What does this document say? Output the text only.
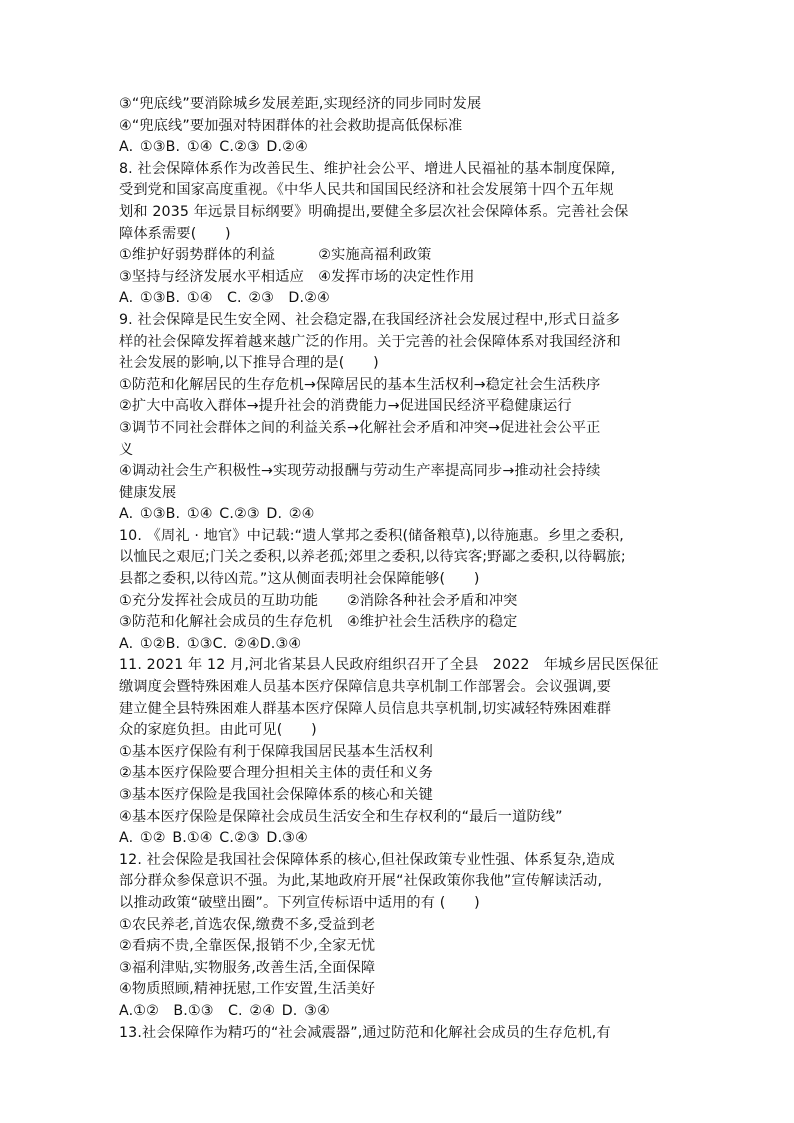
③“兜底线”要消除城乡发展差距,实现经济的同步同时发展
④“兜底线”要加强对特困群体的社会救助提高低保标准
A. ①③B. ①④ C.②③ D.②④
8. 社会保障体系作为改善民生、维护社会公平、增进人民福祉的基本制度保障,
受到党和国家高度重视。《中华人民共和国国民经济和社会发展第十四个五年规
划和 2035 年远景目标纲要》明确提出,要健全多层次社会保障体系。完善社会保
障体系需要(　　)
①维护好弱势群体的利益　　　②实施高福利政策
③坚持与经济发展水平相适应　④发挥市场的决定性作用
A. ①③B. ①④　C. ②③　D.②④
9. 社会保障是民生安全网、社会稳定器,在我国经济社会发展过程中,形式日益多
样的社会保障发挥着越来越广泛的作用。关于完善的社会保障体系对我国经济和
社会发展的影响,以下推导合理的是(　　)
①防范和化解居民的生存危机→保障居民的基本生活权利→稳定社会生活秩序
②扩大中高收入群体→提升社会的消费能力→促进国民经济平稳健康运行
③调节不同社会群体之间的利益关系→化解社会矛盾和冲突→促进社会公平正
义
④调动社会生产积极性→实现劳动报酬与劳动生产率提高同步→推动社会持续
健康发展
A. ①③B. ①④ C.②③ D. ②④
10. 《周礼 · 地官》中记载:“遗人掌邦之委积(储备粮草),以待施惠。乡里之委积,
以恤民之艰厄;门关之委积,以养老孤;郊里之委积,以待宾客;野鄙之委积,以待羁旅;
县都之委积,以待凶荒。”这从侧面表明社会保障能够(　　)
①充分发挥社会成员的互助功能　　②消除各种社会矛盾和冲突
③防范和化解社会成员的生存危机　④维护社会生活秩序的稳定
A. ①②B. ①③C. ②④D.③④
11. 2021 年 12 月,河北省某县人民政府组织召开了全县　2022　年城乡居民医保征
缴调度会暨特殊困难人员基本医疗保障信息共享机制工作部署会。会议强调,要
建立健全县特殊困难人群基本医疗保障人员信息共享机制,切实减轻特殊困难群
众的家庭负担。由此可见(　　)
①基本医疗保险有利于保障我国居民基本生活权利
②基本医疗保险要合理分担相关主体的责任和义务
③基本医疗保险是我国社会保障体系的核心和关键
④基本医疗保险是保障社会成员生活安全和生存权利的“最后一道防线”
A. ①② B.①④ C.②③ D.③④
12. 社会保险是我国社会保障体系的核心,但社保政策专业性强、体系复杂,造成
部分群众参保意识不强。为此,某地政府开展“社保政策你我他”宣传解读活动,
以推动政策“破壁出圈”。下列宣传标语中适用的有 (　　)
①农民养老,首选农保,缴费不多,受益到老
②看病不贵,全靠医保,报销不少,全家无忧
③福利津贴,实物服务,改善生活,全面保障
④物质照顾,精神抚慰,工作安置,生活美好
A.①②　B.①③　C. ②④ D. ③④
13.社会保障作为精巧的“社会减震器”,通过防范和化解社会成员的生存危机,有
